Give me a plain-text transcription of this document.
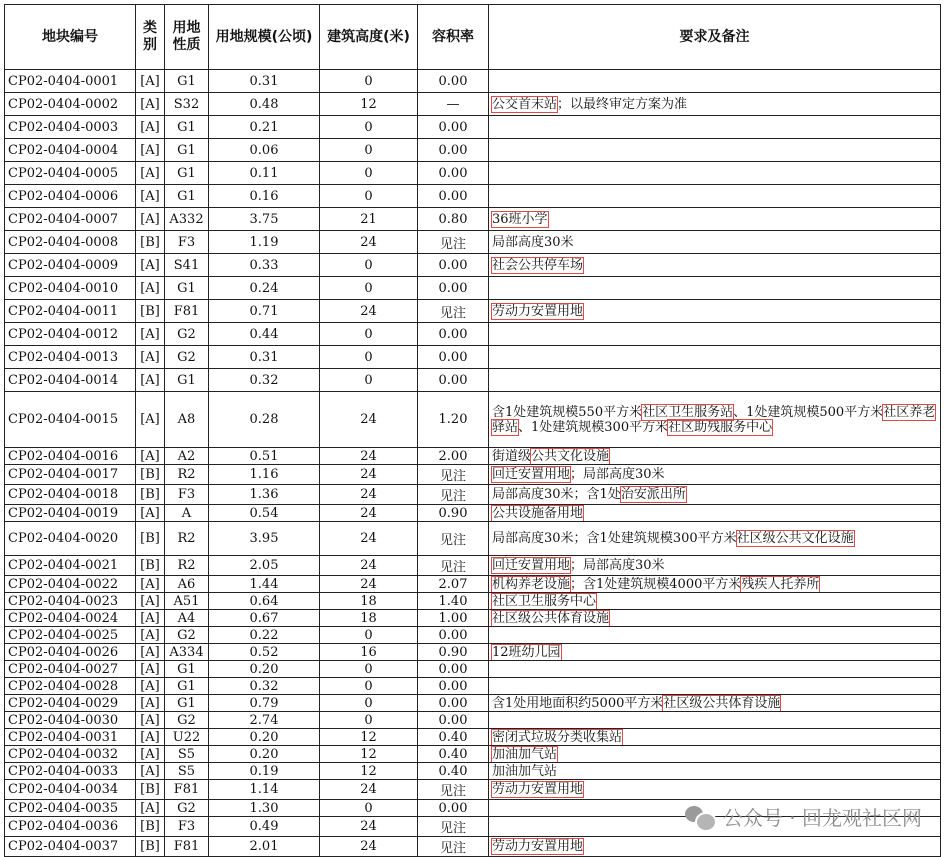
地块编号	类别	用地性质	用地规模(公顷)	建筑高度(米)	容积率	要求及备注
CP02-0404-0001	[A]	G1	0.31	0	0.00	
CP02-0404-0002	[A]	S32	0.48	12	—	公交首末站；以最终审定方案为准
CP02-0404-0003	[A]	G1	0.21	0	0.00	
CP02-0404-0004	[A]	G1	0.06	0	0.00	
CP02-0404-0005	[A]	G1	0.11	0	0.00	
CP02-0404-0006	[A]	G1	0.16	0	0.00	
CP02-0404-0007	[A]	A332	3.75	21	0.80	36班小学
CP02-0404-0008	[B]	F3	1.19	24	见注	局部高度30米
CP02-0404-0009	[A]	S41	0.33	0	0.00	社会公共停车场
CP02-0404-0010	[A]	G1	0.24	0	0.00	
CP02-0404-0011	[B]	F81	0.71	24	见注	劳动力安置用地
CP02-0404-0012	[A]	G2	0.44	0	0.00	
CP02-0404-0013	[A]	G2	0.31	0	0.00	
CP02-0404-0014	[A]	G1	0.32	0	0.00	
CP02-0404-0015	[A]	A8	0.28	24	1.20	含1处建筑规模550平方米社区卫生服务站、1处建筑规模500平方米社区养老驿站、1处建筑规模300平方米社区助残服务中心
CP02-0404-0016	[A]	A2	0.51	24	2.00	街道级公共文化设施
CP02-0404-0017	[B]	R2	1.16	24	见注	回迁安置用地；局部高度30米
CP02-0404-0018	[B]	F3	1.36	24	见注	局部高度30米；含1处治安派出所
CP02-0404-0019	[A]	A	0.54	24	0.90	公共设施备用地
CP02-0404-0020	[B]	R2	3.95	24	见注	局部高度30米；含1处建筑规模300平方米社区级公共文化设施
CP02-0404-0021	[B]	R2	2.05	24	见注	回迁安置用地；局部高度30米
CP02-0404-0022	[A]	A6	1.44	24	2.07	机构养老设施；含1处建筑规模4000平方米残疾人托养所
CP02-0404-0023	[A]	A51	0.64	18	1.40	社区卫生服务中心
CP02-0404-0024	[A]	A4	0.67	18	1.00	社区级公共体育设施
CP02-0404-0025	[A]	G2	0.22	0	0.00	
CP02-0404-0026	[A]	A334	0.52	16	0.90	12班幼儿园
CP02-0404-0027	[A]	G1	0.20	0	0.00	
CP02-0404-0028	[A]	G1	0.32	0	0.00	
CP02-0404-0029	[A]	G1	0.79	0	0.00	含1处用地面积约5000平方米社区级公共体育设施
CP02-0404-0030	[A]	G2	2.74	0	0.00	
CP02-0404-0031	[A]	U22	0.20	12	0.40	密闭式垃圾分类收集站
CP02-0404-0032	[A]	S5	0.20	12	0.40	加油加气站
CP02-0404-0033	[A]	S5	0.19	12	0.40	加油加气站
CP02-0404-0034	[B]	F81	1.14	24	见注	劳动力安置用地
CP02-0404-0035	[A]	G2	1.30	0	0.00	
CP02-0404-0036	[B]	F3	0.49	24	见注	
CP02-0404-0037	[B]	F81	2.01	24	见注	劳动力安置用地
公众号 · 回龙观社区网
